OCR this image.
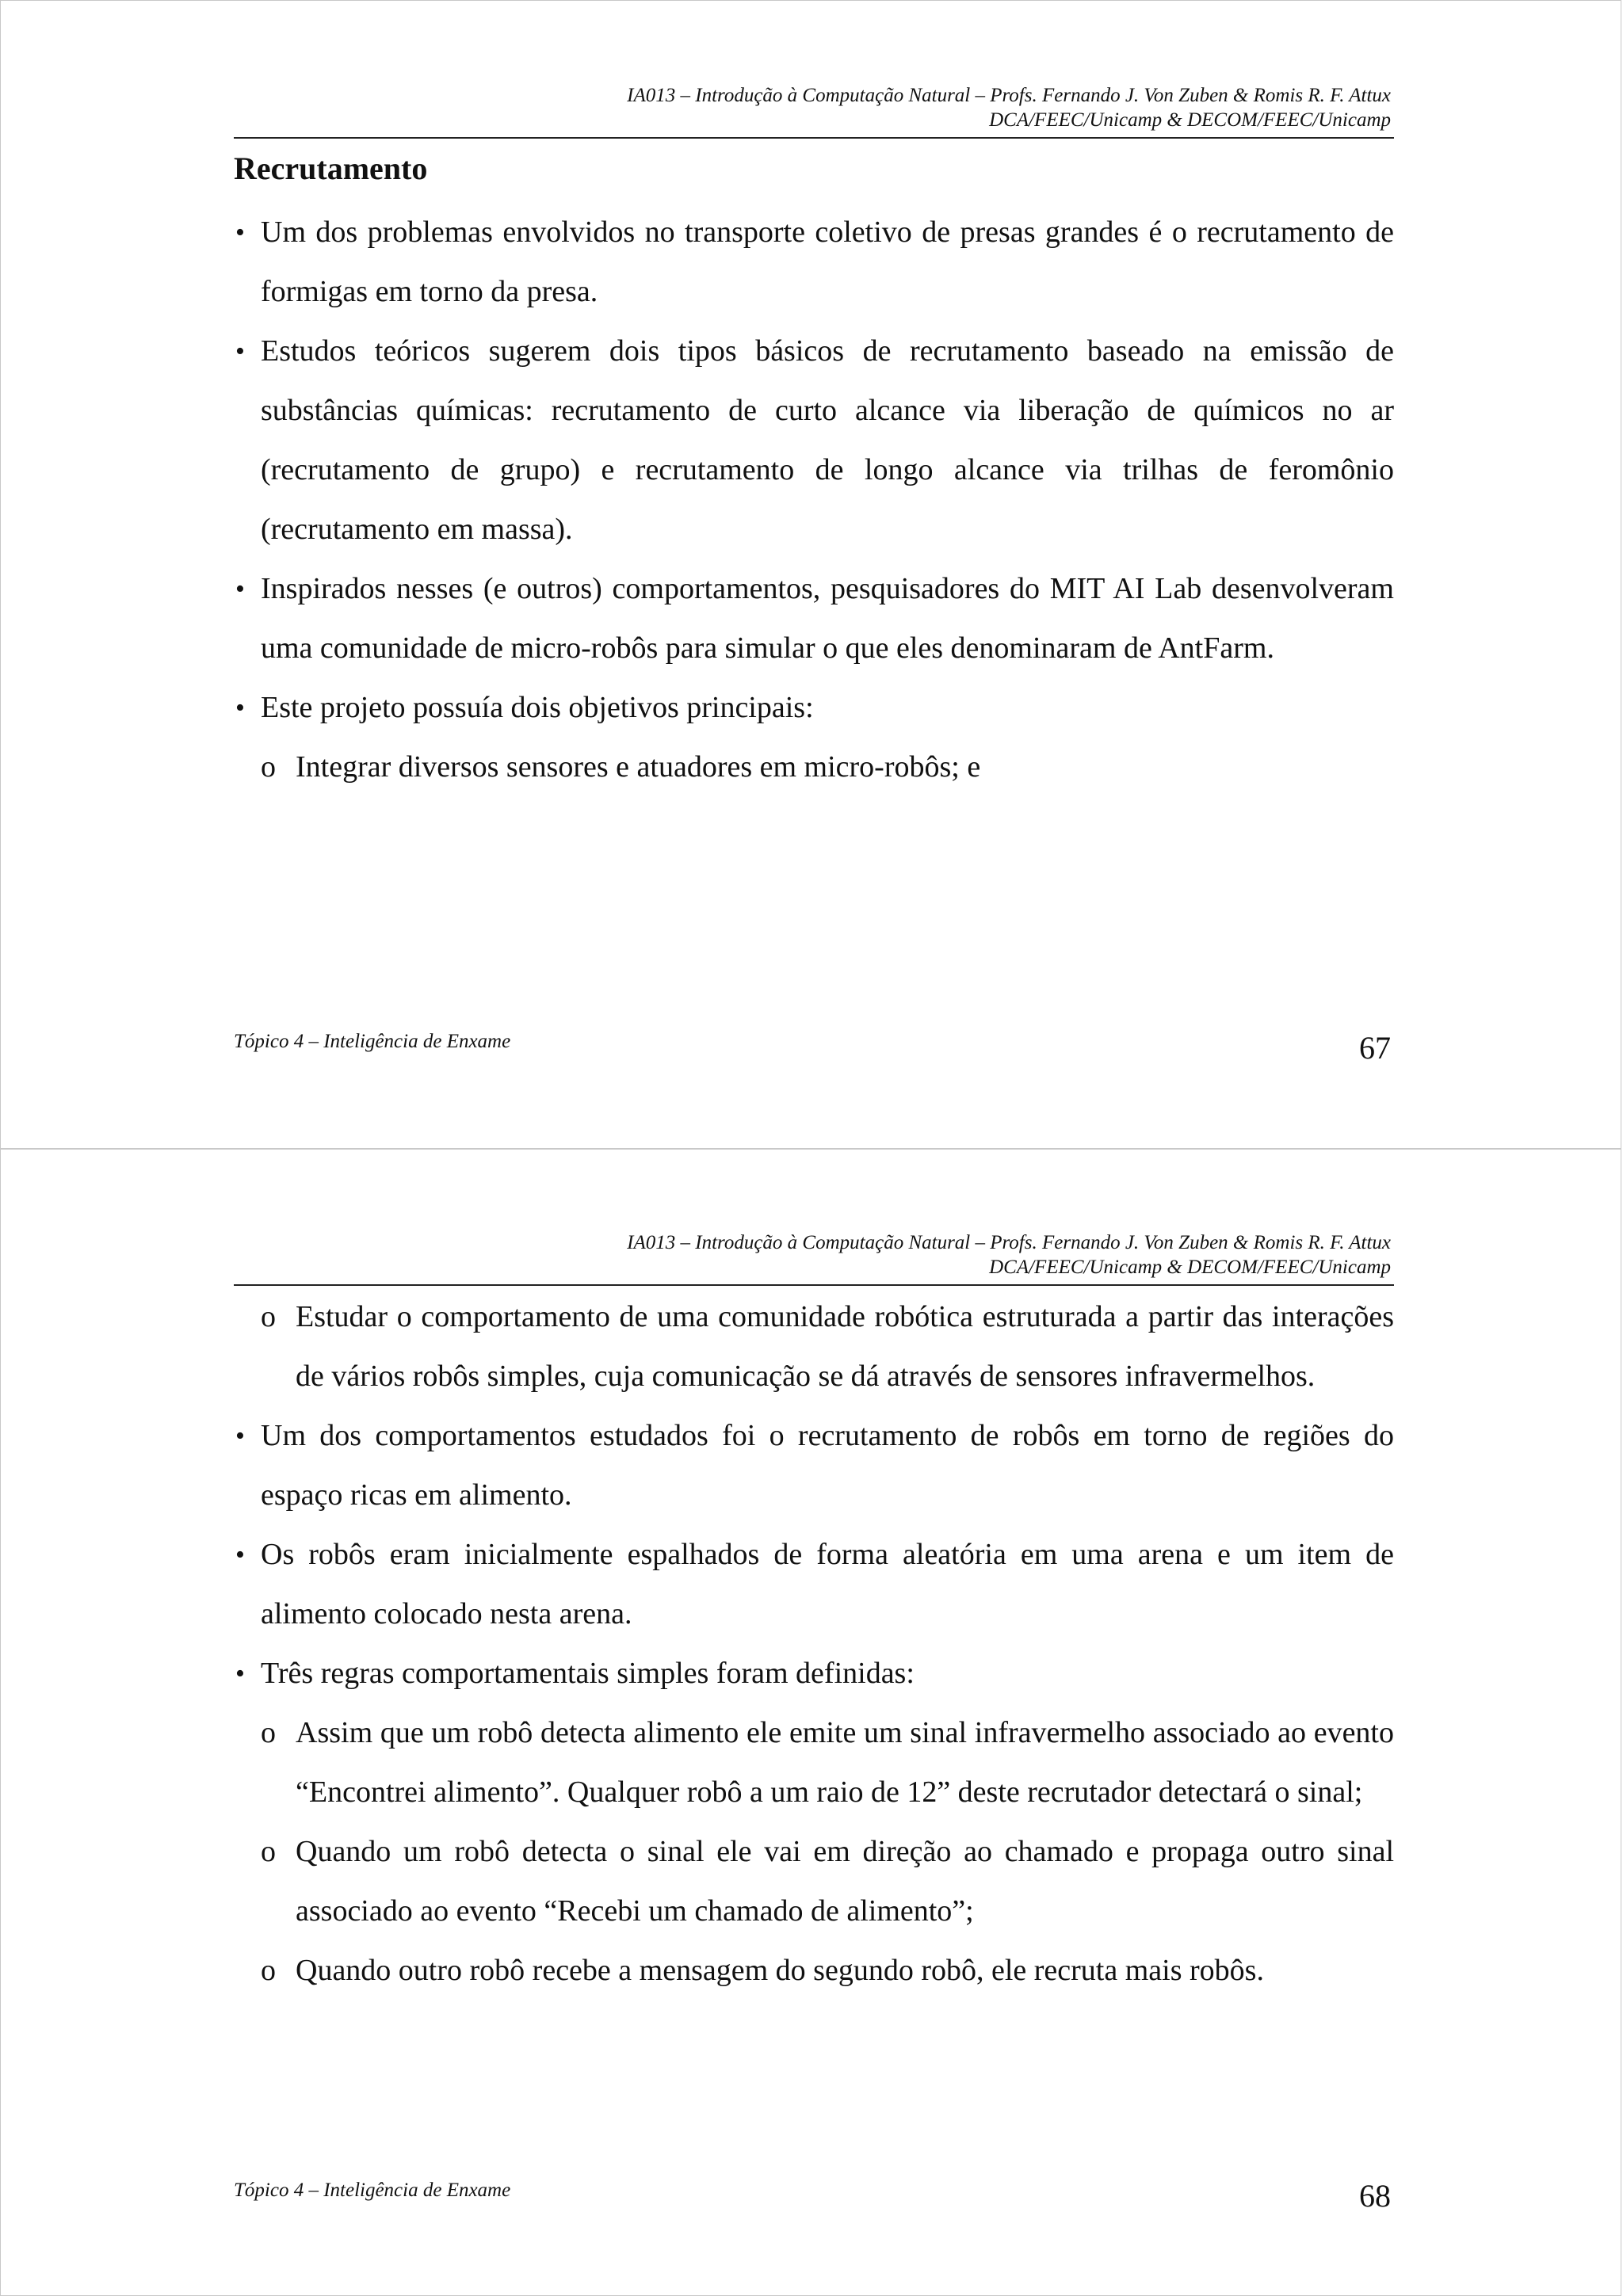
IA013 – Introdução à Computação Natural – Profs. Fernando J. Von Zuben & Romis R. F. Attux
DCA/FEEC/Unicamp & DECOM/FEEC/Unicamp
Recrutamento
• Um dos problemas envolvidos no transporte coletivo de presas grandes é o recrutamento de formigas em torno da presa.
• Estudos teóricos sugerem dois tipos básicos de recrutamento baseado na emissão de substâncias químicas: recrutamento de curto alcance via liberação de químicos no ar (recrutamento de grupo) e recrutamento de longo alcance via trilhas de feromônio (recrutamento em massa).
• Inspirados nesses (e outros) comportamentos, pesquisadores do MIT AI Lab desenvolveram uma comunidade de micro-robôs para simular o que eles denominaram de AntFarm.
• Este projeto possuía dois objetivos principais:
o Integrar diversos sensores e atuadores em micro-robôs; e
Tópico 4 – Inteligência de Enxame	67
IA013 – Introdução à Computação Natural – Profs. Fernando J. Von Zuben & Romis R. F. Attux
DCA/FEEC/Unicamp & DECOM/FEEC/Unicamp
o Estudar o comportamento de uma comunidade robótica estruturada a partir das interações de vários robôs simples, cuja comunicação se dá através de sensores infravermelhos.
• Um dos comportamentos estudados foi o recrutamento de robôs em torno de regiões do espaço ricas em alimento.
• Os robôs eram inicialmente espalhados de forma aleatória em uma arena e um item de alimento colocado nesta arena.
• Três regras comportamentais simples foram definidas:
o Assim que um robô detecta alimento ele emite um sinal infravermelho associado ao evento “Encontrei alimento”. Qualquer robô a um raio de 12” deste recrutador detectará o sinal;
o Quando um robô detecta o sinal ele vai em direção ao chamado e propaga outro sinal associado ao evento “Recebi um chamado de alimento”;
o Quando outro robô recebe a mensagem do segundo robô, ele recruta mais robôs.
Tópico 4 – Inteligência de Enxame	68
